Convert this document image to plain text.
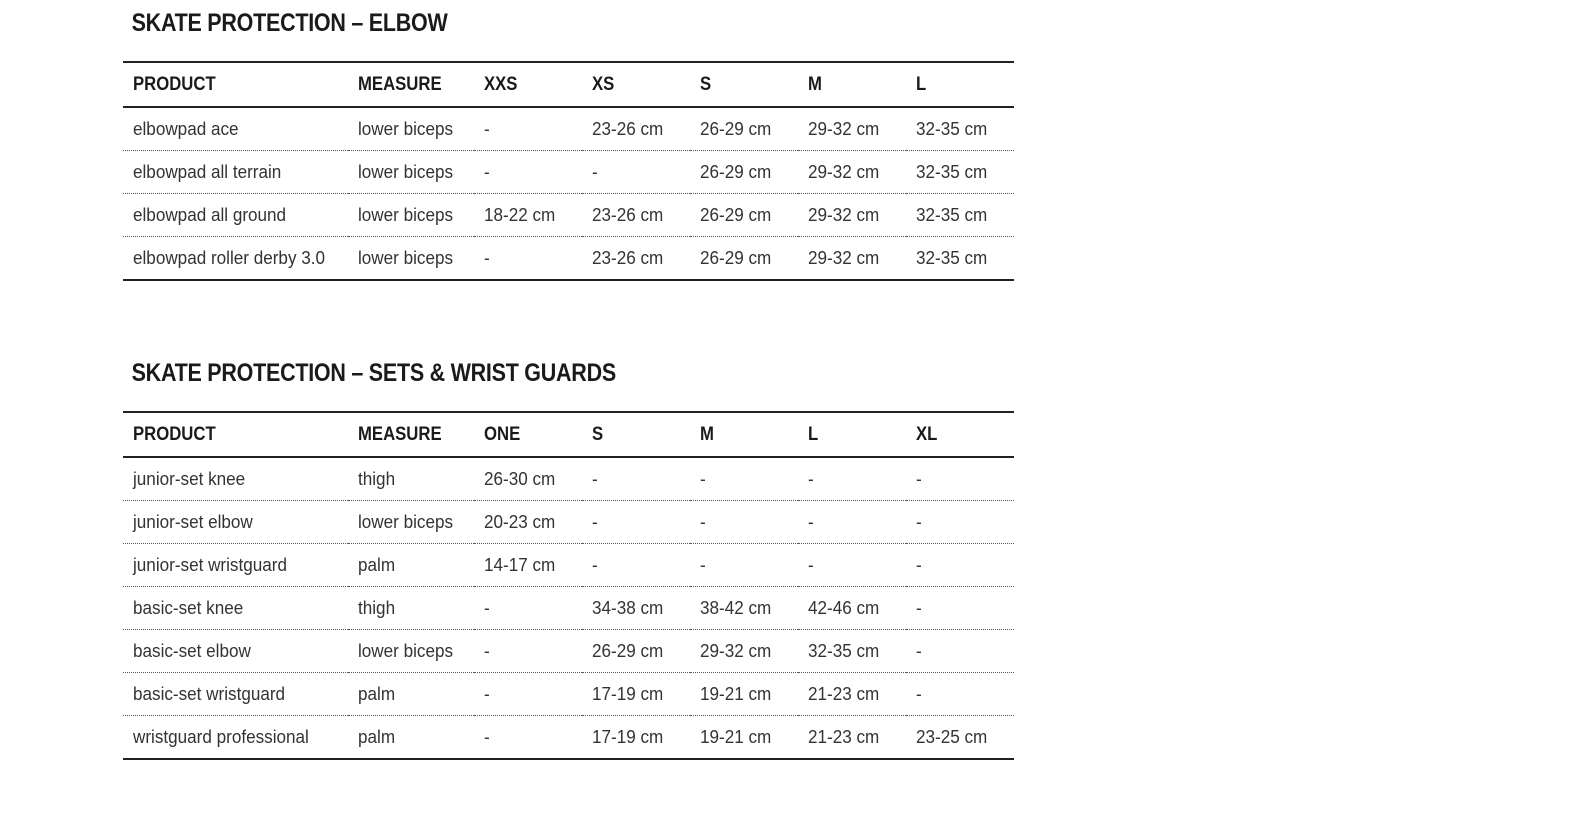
SKATE PROTECTION – ELBOW
PRODUCT	MEASURE	XXS	XS	S	M	L
elbowpad ace	lower biceps	-	23-26 cm	26-29 cm	29-32 cm	32-35 cm
elbowpad all terrain	lower biceps	-	-	26-29 cm	29-32 cm	32-35 cm
elbowpad all ground	lower biceps	18-22 cm	23-26 cm	26-29 cm	29-32 cm	32-35 cm
elbowpad roller derby 3.0	lower biceps	-	23-26 cm	26-29 cm	29-32 cm	32-35 cm
SKATE PROTECTION – SETS & WRIST GUARDS
PRODUCT	MEASURE	ONE	S	M	L	XL
junior-set knee	thigh	26-30 cm	-	-	-	-
junior-set elbow	lower biceps	20-23 cm	-	-	-	-
junior-set wristguard	palm	14-17 cm	-	-	-	-
basic-set knee	thigh	-	34-38 cm	38-42 cm	42-46 cm	-
basic-set elbow	lower biceps	-	26-29 cm	29-32 cm	32-35 cm	-
basic-set wristguard	palm	-	17-19 cm	19-21 cm	21-23 cm	-
wristguard professional	palm	-	17-19 cm	19-21 cm	21-23 cm	23-25 cm
